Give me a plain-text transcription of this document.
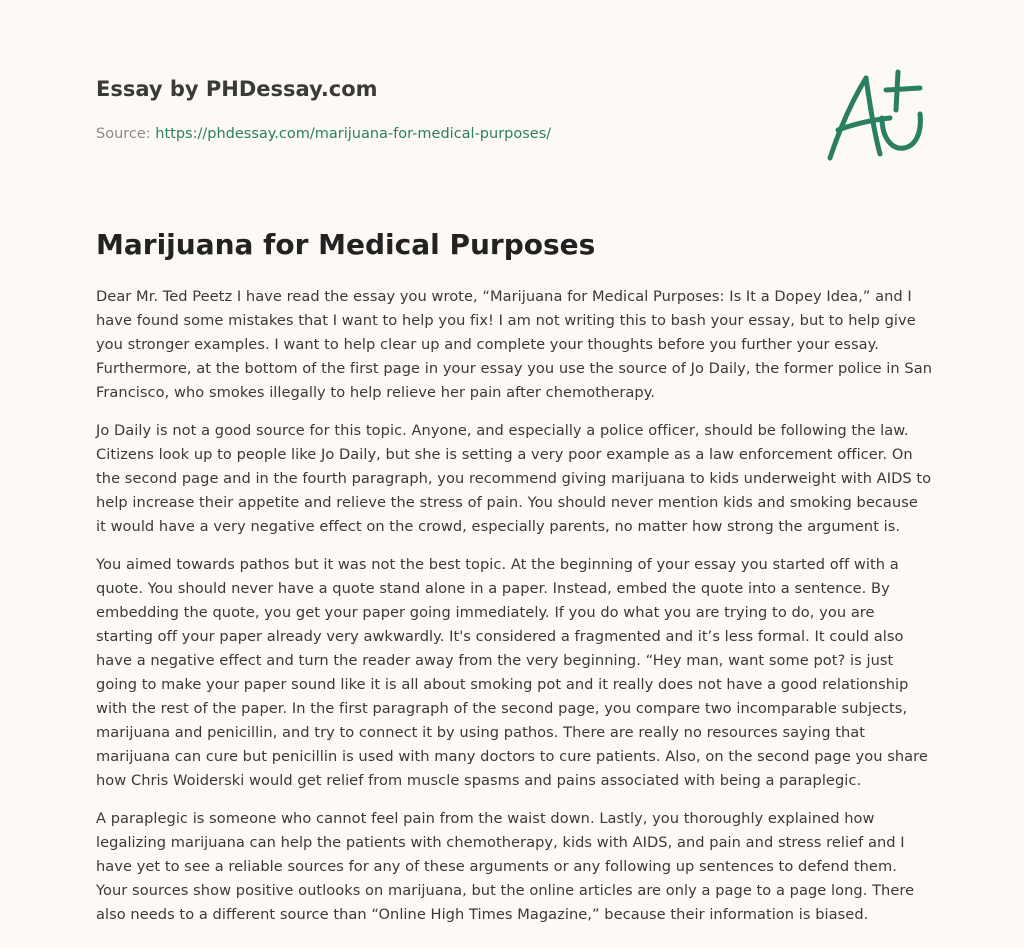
Essay by PHDessay.com
Source: https://phdessay.com/marijuana-for-medical-purposes/
Marijuana for Medical Purposes

Dear Mr. Ted Peetz I have read the essay you wrote, “Marijuana for Medical Purposes: Is It a Dopey Idea,” and I have found some mistakes that I want to help you fix! I am not writing this to bash your essay, but to help give you stronger examples. I want to help clear up and complete your thoughts before you further your essay. Furthermore, at the bottom of the first page in your essay you use the source of Jo Daily, the former police in San Francisco, who smokes illegally to help relieve her pain after chemotherapy.

Jo Daily is not a good source for this topic. Anyone, and especially a police officer, should be following the law. Citizens look up to people like Jo Daily, but she is setting a very poor example as a law enforcement officer. On the second page and in the fourth paragraph, you recommend giving marijuana to kids underweight with AIDS to help increase their appetite and relieve the stress of pain. You should never mention kids and smoking because it would have a very negative effect on the crowd, especially parents, no matter how strong the argument is.

You aimed towards pathos but it was not the best topic. At the beginning of your essay you started off with a quote. You should never have a quote stand alone in a paper. Instead, embed the quote into a sentence. By embedding the quote, you get your paper going immediately. If you do what you are trying to do, you are starting off your paper already very awkwardly. It's considered a fragmented and it’s less formal. It could also have a negative effect and turn the reader away from the very beginning. “Hey man, want some pot? is just going to make your paper sound like it is all about smoking pot and it really does not have a good relationship with the rest of the paper. In the first paragraph of the second page, you compare two incomparable subjects, marijuana and penicillin, and try to connect it by using pathos. There are really no resources saying that marijuana can cure but penicillin is used with many doctors to cure patients. Also, on the second page you share how Chris Woiderski would get relief from muscle spasms and pains associated with being a paraplegic.

A paraplegic is someone who cannot feel pain from the waist down. Lastly, you thoroughly explained how legalizing marijuana can help the patients with chemotherapy, kids with AIDS, and pain and stress relief and I have yet to see a reliable sources for any of these arguments or any following up sentences to defend them. Your sources show positive outlooks on marijuana, but the online articles are only a page to a page long. There also needs to a different source than “Online High Times Magazine,” because their information is biased.
